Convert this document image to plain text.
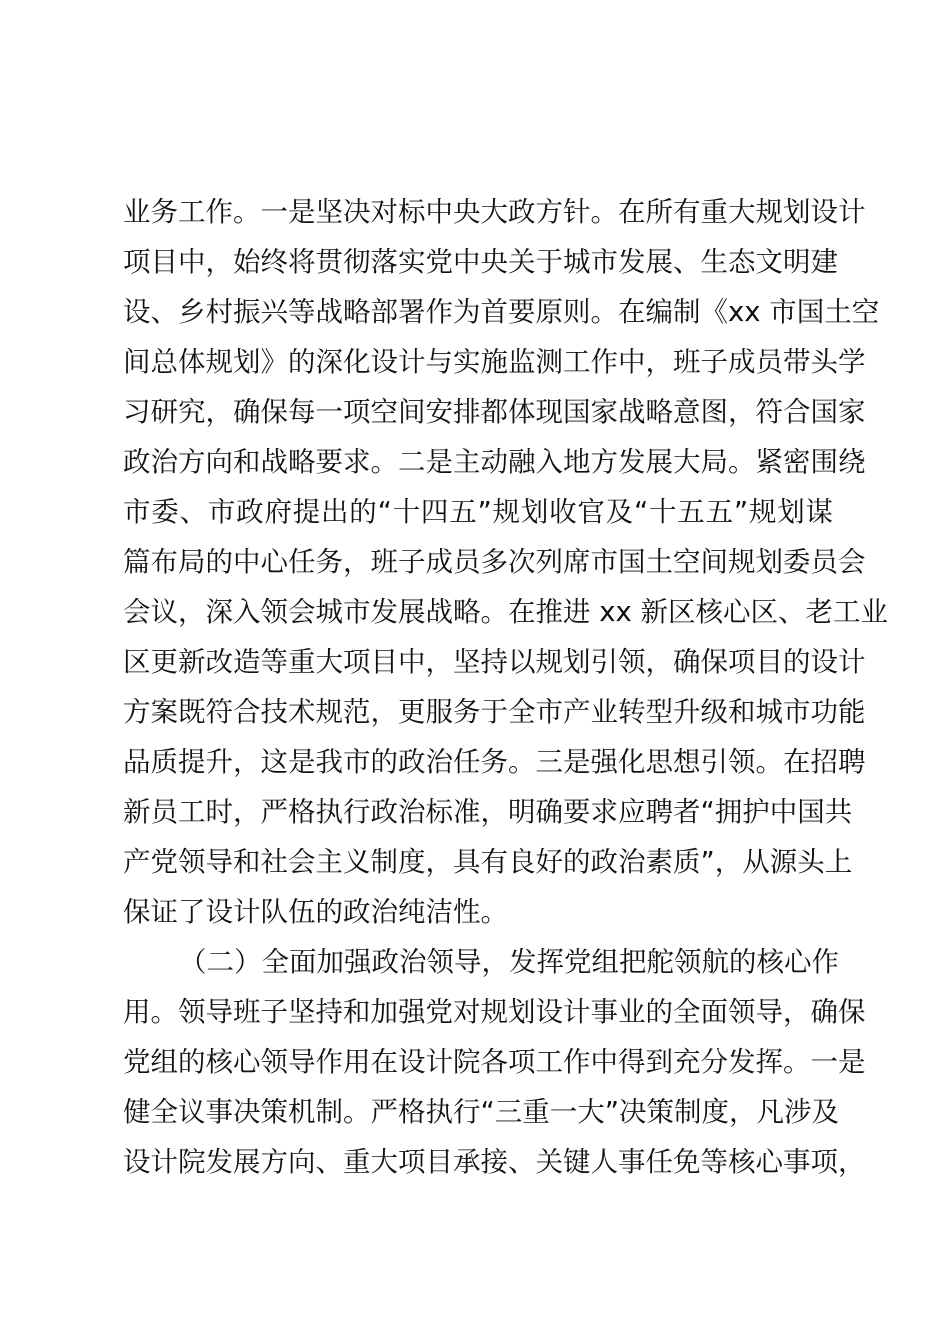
业务工作。一是坚决对标中央大政方针。在所有重大规划设计
项目中，始终将贯彻落实党中央关于城市发展、生态文明建
设、乡村振兴等战略部署作为首要原则。在编制《xx 市国土空
间总体规划》的深化设计与实施监测工作中，班子成员带头学
习研究，确保每一项空间安排都体现国家战略意图，符合国家
政治方向和战略要求。二是主动融入地方发展大局。紧密围绕
市委、市政府提出的“十四五”规划收官及“十五五”规划谋
篇布局的中心任务，班子成员多次列席市国土空间规划委员会
会议，深入领会城市发展战略。在推进 xx 新区核心区、老工业
区更新改造等重大项目中，坚持以规划引领，确保项目的设计
方案既符合技术规范，更服务于全市产业转型升级和城市功能
品质提升，这是我市的政治任务。三是强化思想引领。在招聘
新员工时，严格执行政治标准，明确要求应聘者“拥护中国共
产党领导和社会主义制度，具有良好的政治素质”，从源头上
保证了设计队伍的政治纯洁性。
（二）全面加强政治领导，发挥党组把舵领航的核心作
用。领导班子坚持和加强党对规划设计事业的全面领导，确保
党组的核心领导作用在设计院各项工作中得到充分发挥。一是
健全议事决策机制。严格执行“三重一大”决策制度，凡涉及
设计院发展方向、重大项目承接、关键人事任免等核心事项，
